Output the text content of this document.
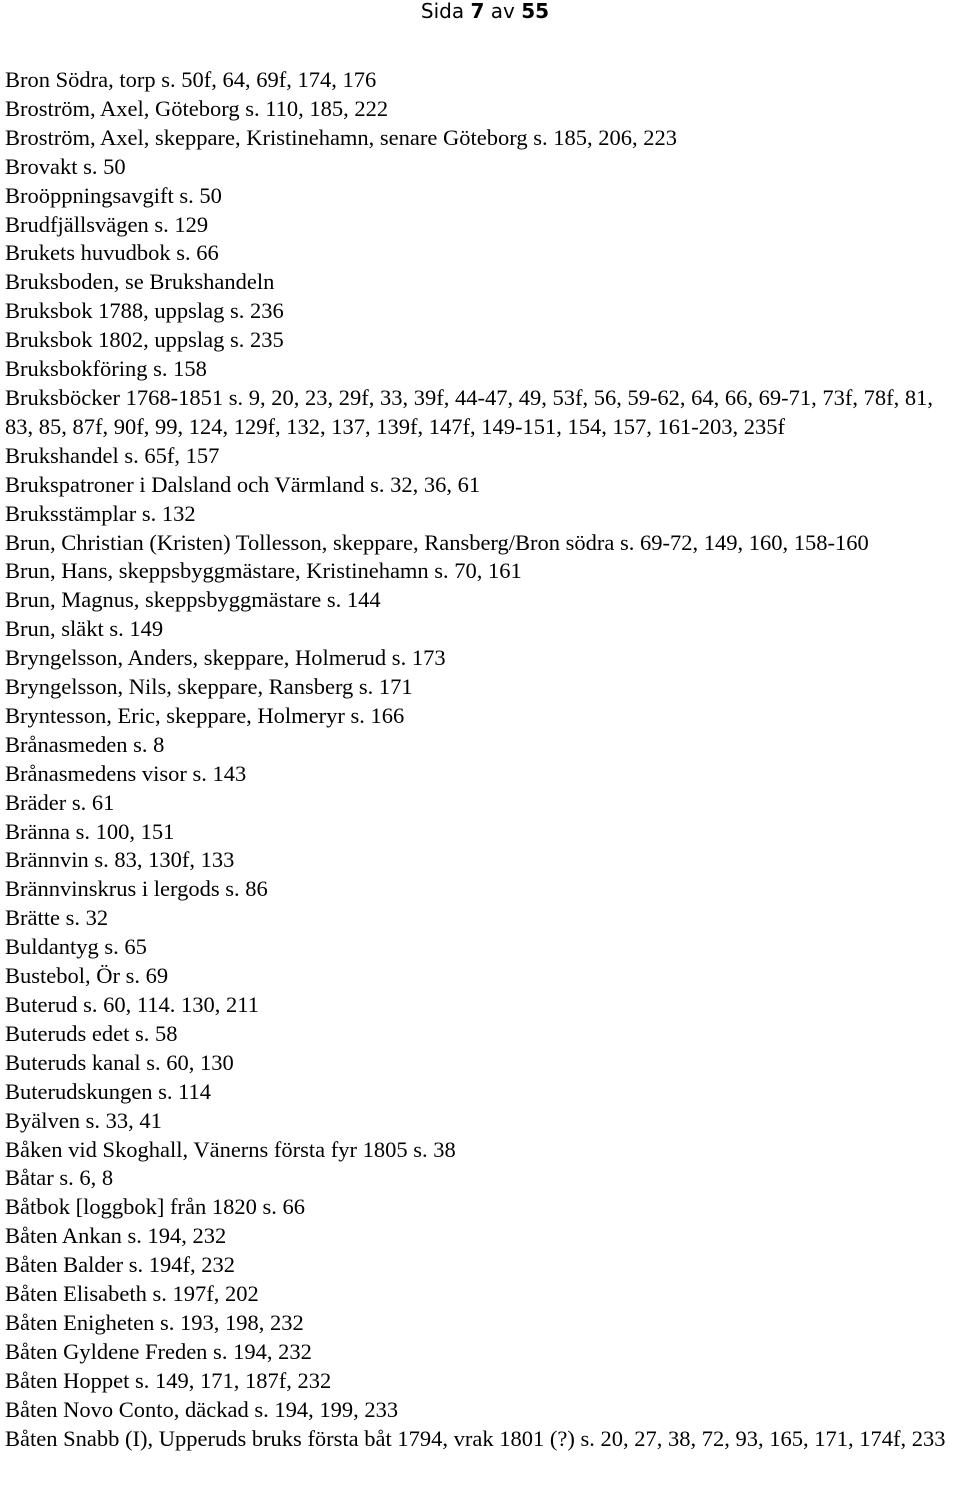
Sida 7 av 55
Bron Södra, torp s. 50f, 64, 69f, 174, 176
Broström, Axel, Göteborg s. 110, 185, 222
Broström, Axel, skeppare, Kristinehamn, senare Göteborg s. 185, 206, 223
Brovakt s. 50
Broöppningsavgift s. 50
Brudfjällsvägen s. 129
Brukets huvudbok s. 66
Bruksboden, se Brukshandeln
Bruksbok 1788, uppslag s. 236
Bruksbok 1802, uppslag s. 235
Bruksbokföring s. 158
Bruksböcker 1768-1851 s. 9, 20, 23, 29f, 33, 39f, 44-47, 49, 53f, 56, 59-62, 64, 66, 69-71, 73f, 78f, 81, 83, 85, 87f, 90f, 99, 124, 129f, 132, 137, 139f, 147f, 149-151, 154, 157, 161-203, 235f
Brukshandel s. 65f, 157
Brukspatroner i Dalsland och Värmland s. 32, 36, 61
Bruksstämplar s. 132
Brun, Christian (Kristen) Tollesson, skeppare, Ransberg/Bron södra s. 69-72, 149, 160, 158-160
Brun, Hans, skeppsbyggmästare, Kristinehamn s. 70, 161
Brun, Magnus, skeppsbyggmästare s. 144
Brun, släkt s. 149
Bryngelsson, Anders, skeppare, Holmerud s. 173
Bryngelsson, Nils, skeppare, Ransberg s. 171
Bryntesson, Eric, skeppare, Holmeryr s. 166
Brånasmeden s. 8
Brånasmedens visor s. 143
Bräder s. 61
Bränna s. 100, 151
Brännvin s. 83, 130f, 133
Brännvinskrus i lergods s. 86
Brätte s. 32
Buldantyg s. 65
Bustebol, Ör s. 69
Buterud s. 60, 114. 130, 211
Buteruds edet s. 58
Buteruds kanal s. 60, 130
Buterudskungen s. 114
Byälven s. 33, 41
Båken vid Skoghall, Vänerns första fyr 1805 s. 38
Båtar s. 6, 8
Båtbok [loggbok] från 1820 s. 66
Båten Ankan s. 194, 232
Båten Balder s. 194f, 232
Båten Elisabeth s. 197f, 202
Båten Enigheten s. 193, 198, 232
Båten Gyldene Freden s. 194, 232
Båten Hoppet s. 149, 171, 187f, 232
Båten Novo Conto, däckad s. 194, 199, 233
Båten Snabb (I), Upperuds bruks första båt 1794, vrak 1801 (?) s. 20, 27, 38, 72, 93, 165, 171, 174f, 233
